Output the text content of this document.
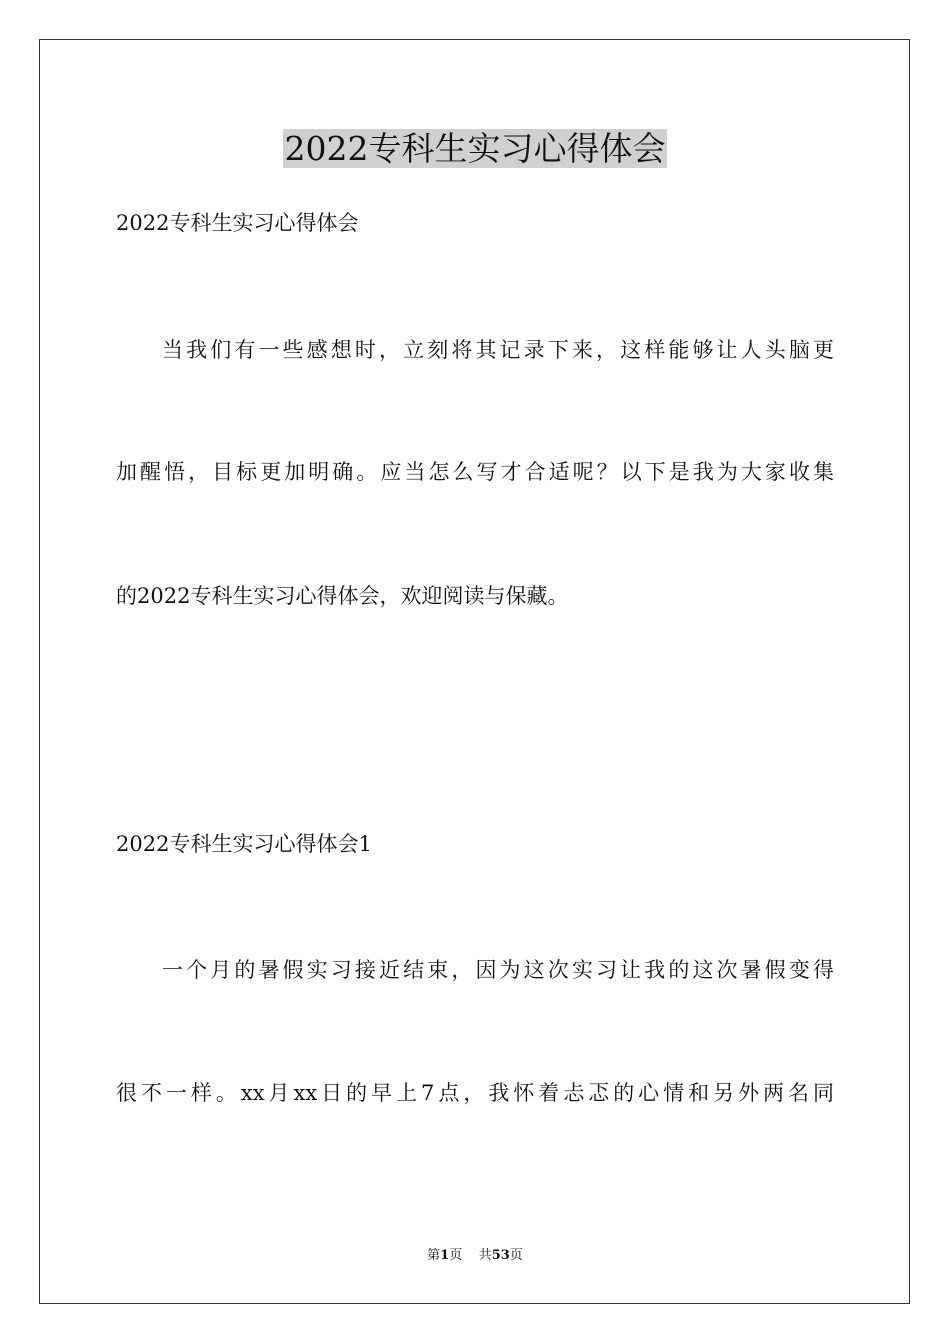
2022专科生实习心得体会
2022专科生实习心得体会
当我们有一些感想时，立刻将其记录下来，这样能够让人头脑更
加醒悟，目标更加明确。应当怎么写才合适呢？以下是我为大家收集
的2022专科生实习心得体会，欢迎阅读与保藏。
2022专科生实习心得体会1
一个月的暑假实习接近结束，因为这次实习让我的这次暑假变得
很不一样。xx月xx日的早上7点，我怀着忐忑的心情和另外两名同
第1页 共53页
